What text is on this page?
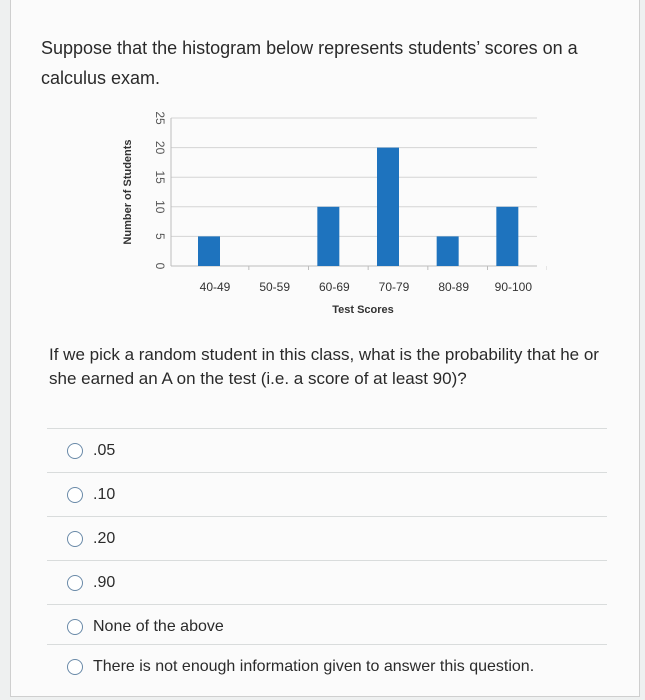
Suppose that the histogram below represents students’ scores on a calculus exam.
0
5
10
15
20
25
Number of Students
40-49 50-59 60-69 70-79 80-89 90-100
Test Scores
If we pick a random student in this class, what is the probability that he or she earned an A on the test (i.e. a score of at least 90)?
.05
.10
.20
.90
None of the above
There is not enough information given to answer this question.
